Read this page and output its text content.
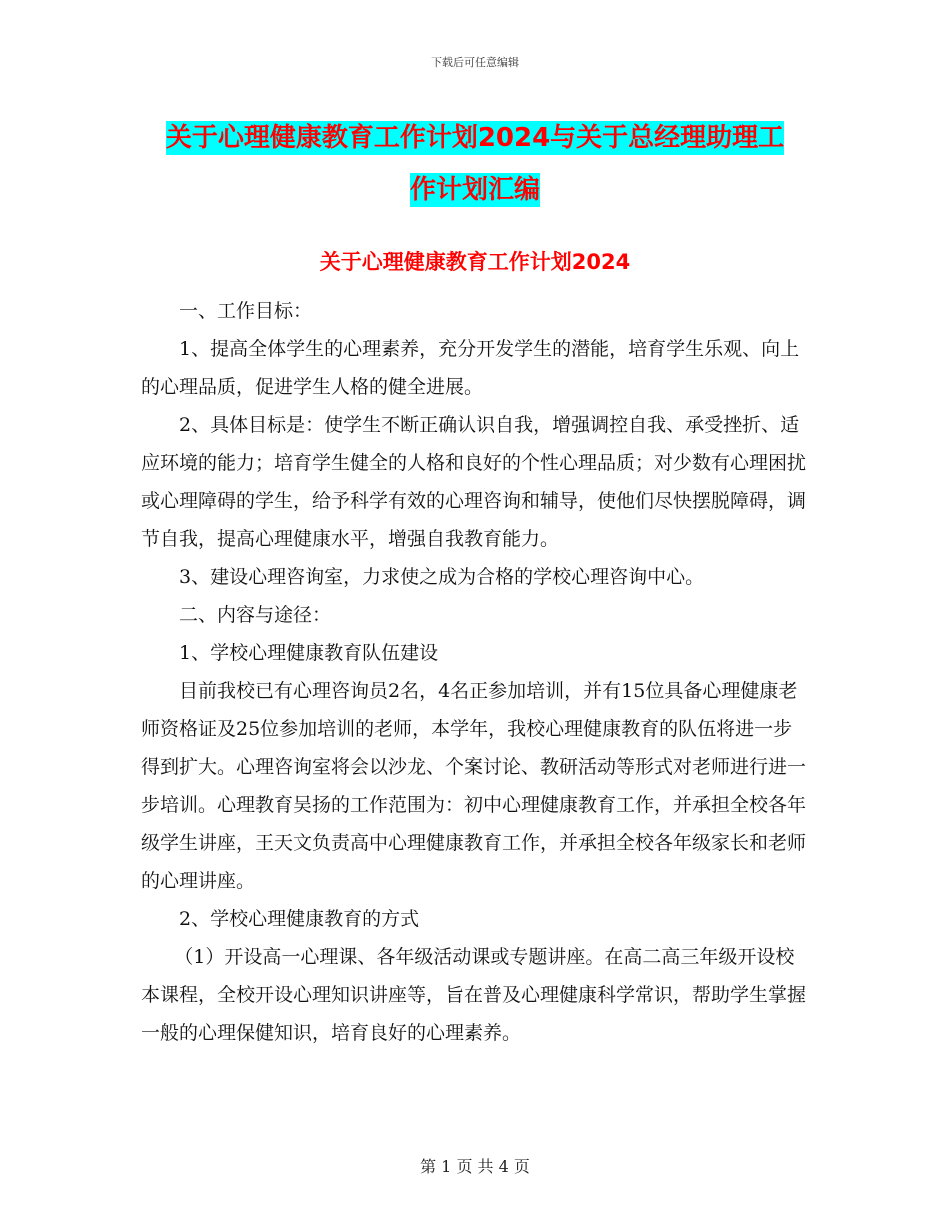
下载后可任意编辑
关于心理健康教育工作计划2024与关于总经理助理工
作计划汇编
关于心理健康教育工作计划2024

一、工作目标：

1、提高全体学生的心理素养，充分开发学生的潜能，培育学生乐观、向上的心理品质，促进学生人格的健全进展。

2、具体目标是：使学生不断正确认识自我，增强调控自我、承受挫折、适应环境的能力；培育学生健全的人格和良好的个性心理品质；对少数有心理困扰或心理障碍的学生，给予科学有效的心理咨询和辅导，使他们尽快摆脱障碍，调节自我，提高心理健康水平，增强自我教育能力。

3、建设心理咨询室，力求使之成为合格的学校心理咨询中心。

二、内容与途径：

1、学校心理健康教育队伍建设

目前我校已有心理咨询员2名，4名正参加培训，并有15位具备心理健康老师资格证及25位参加培训的老师，本学年，我校心理健康教育的队伍将进一步得到扩大。心理咨询室将会以沙龙、个案讨论、教研活动等形式对老师进行进一步培训。心理教育吴扬的工作范围为：初中心理健康教育工作，并承担全校各年级学生讲座，王天文负责高中心理健康教育工作，并承担全校各年级家长和老师的心理讲座。

2、学校心理健康教育的方式

（1）开设高一心理课、各年级活动课或专题讲座。在高二高三年级开设校本课程，全校开设心理知识讲座等，旨在普及心理健康科学常识，帮助学生掌握一般的心理保健知识，培育良好的心理素养。

第 1 页 共 4 页
